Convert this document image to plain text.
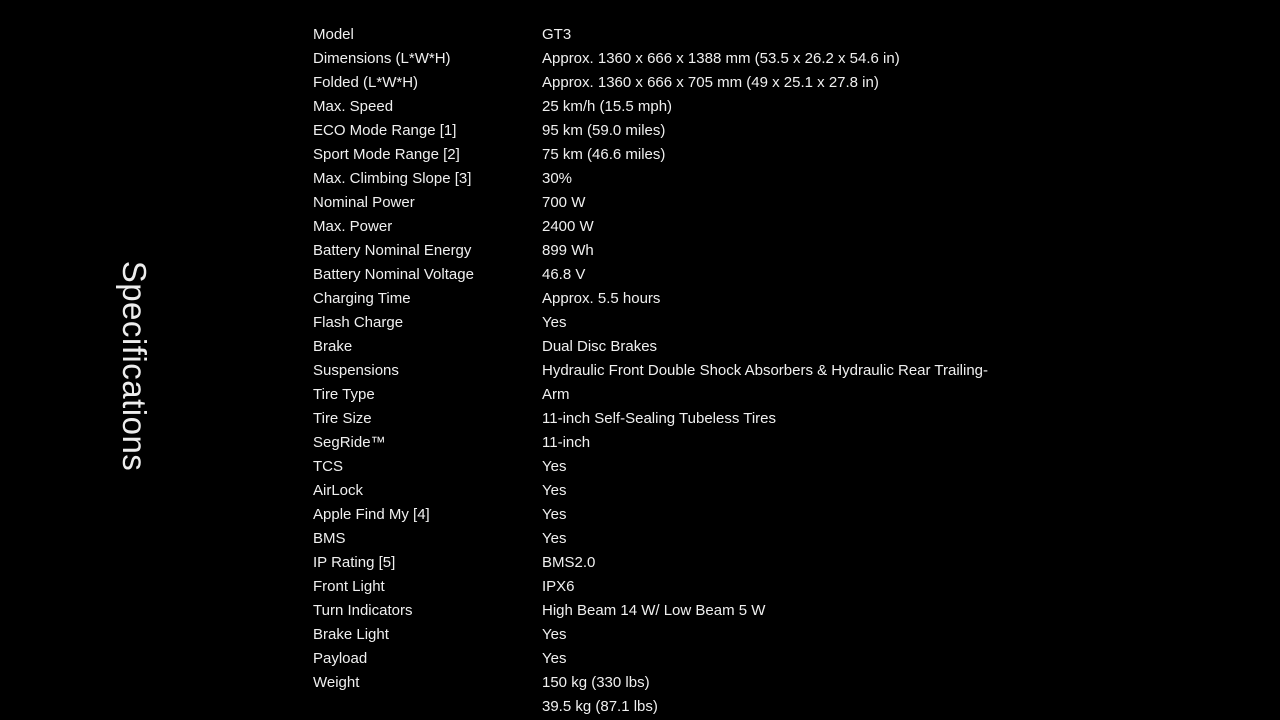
Specifications
Model
Dimensions (L*W*H)
Folded (L*W*H)
Max. Speed
ECO Mode Range [1]
Sport Mode Range [2]
Max. Climbing Slope [3]
Nominal Power
Max. Power
Battery Nominal Energy
Battery Nominal Voltage
Charging Time
Flash Charge
Brake
Suspensions
Tire Type
Tire Size
SegRide™
TCS
AirLock
Apple Find My [4]
BMS
IP Rating [5]
Front Light
Turn Indicators
Brake Light
Payload
Weight
GT3
Approx. 1360 x 666 x 1388 mm (53.5 x 26.2 x 54.6 in)
Approx. 1360 x 666 x 705 mm (49 x 25.1 x 27.8 in)
25 km/h (15.5 mph)
95 km (59.0 miles)
75 km (46.6 miles)
30%
700 W
2400 W
899 Wh
46.8 V
Approx. 5.5 hours
Yes
Dual Disc Brakes
Hydraulic Front Double Shock Absorbers & Hydraulic Rear Trailing-
Arm
11-inch Self-Sealing Tubeless Tires
11-inch
Yes
Yes
Yes
Yes
BMS2.0
IPX6
High Beam 14 W/ Low Beam 5 W
Yes
Yes
150 kg (330 lbs)
39.5 kg (87.1 lbs)
